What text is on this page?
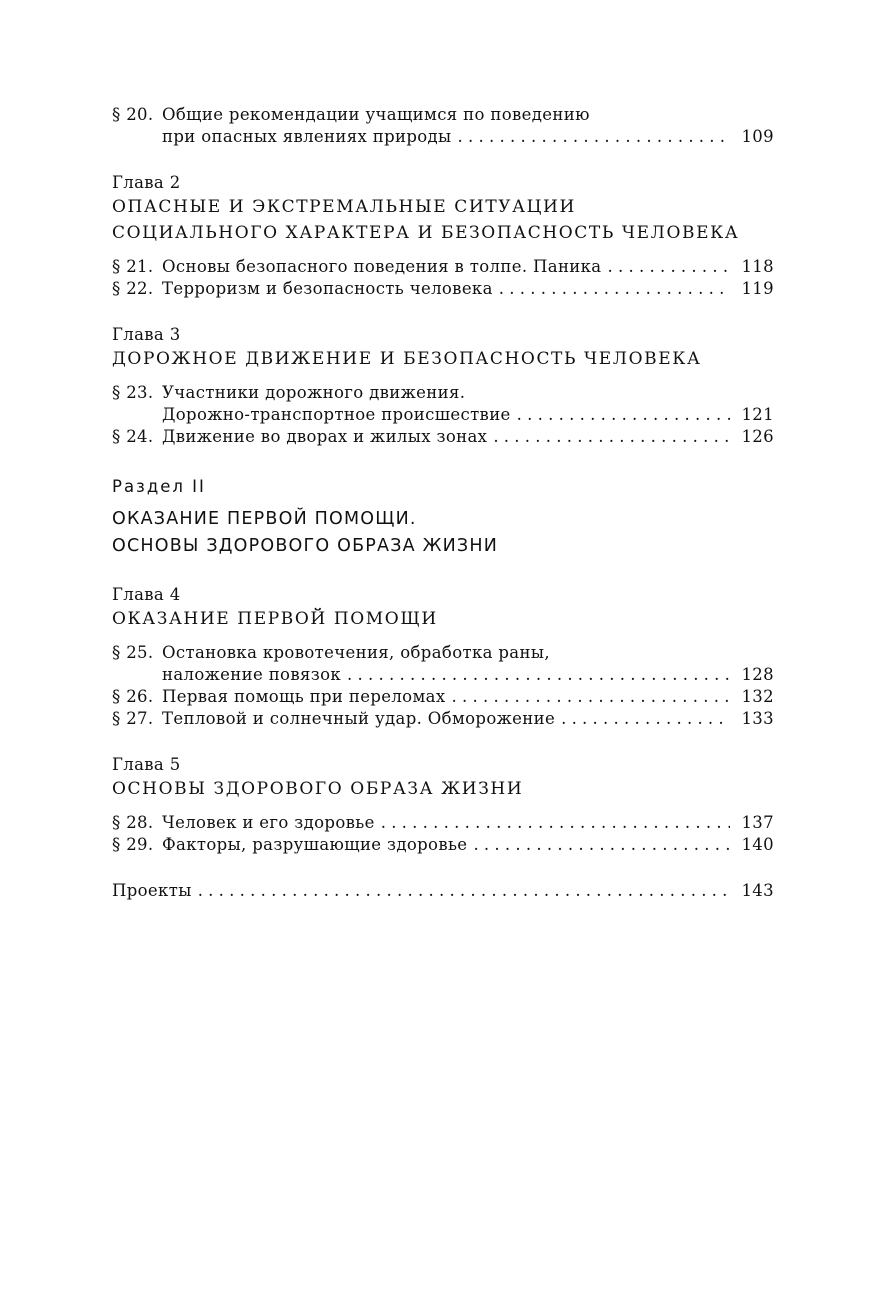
§ 20. Общие рекомендации учащимся по поведению
при опасных явлениях природы . . .	109
Глава 2
ОПАСНЫЕ И ЭКСТРЕМАЛЬНЫЕ СИТУАЦИИ
СОЦИАЛЬНОГО ХАРАКТЕРА И БЕЗОПАСНОСТЬ ЧЕЛОВЕКА
§ 21. Основы безопасного поведения в толпе. Паника . . .	118
§ 22. Терроризм и безопасность человека . . .	119
Глава 3
ДОРОЖНОЕ ДВИЖЕНИЕ И БЕЗОПАСНОСТЬ ЧЕЛОВЕКА
§ 23. Участники дорожного движения.
Дорожно-транспортное происшествие . . .	121
§ 24. Движение во дворах и жилых зонах . . .	126
Раздел II
ОКАЗАНИЕ ПЕРВОЙ ПОМОЩИ.
ОСНОВЫ ЗДОРОВОГО ОБРАЗА ЖИЗНИ
Глава 4
ОКАЗАНИЕ ПЕРВОЙ ПОМОЩИ
§ 25. Остановка кровотечения, обработка раны,
наложение повязок . . .	128
§ 26. Первая помощь при переломах . . .	132
§ 27. Тепловой и солнечный удар. Обморожение . . .	133
Глава 5
ОСНОВЫ ЗДОРОВОГО ОБРАЗА ЖИЗНИ
§ 28. Человек и его здоровье . . .	137
§ 29. Факторы, разрушающие здоровье . . .	140
Проекты . . .	143
